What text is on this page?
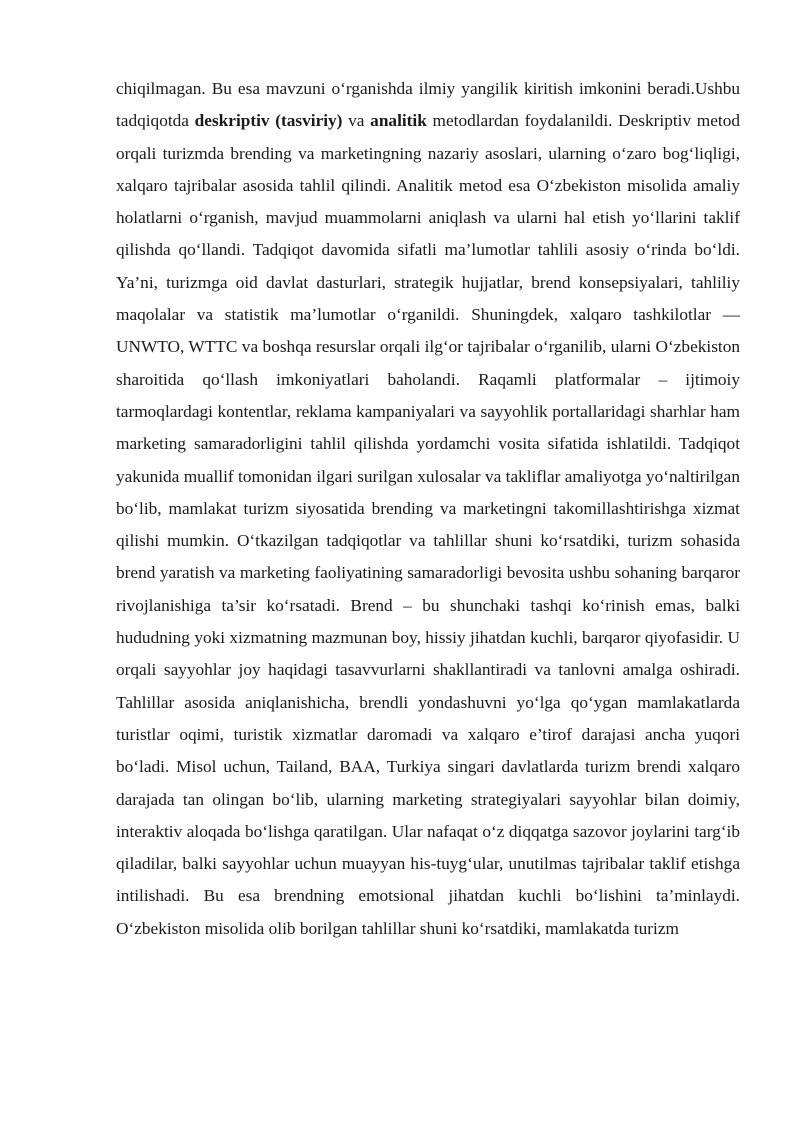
chiqilmagan. Bu esa mavzuni o‘rganishda ilmiy yangilik kiritish imkonini beradi.Ushbu tadqiqotda deskriptiv (tasviriy) va analitik metodlardan foydalanildi. Deskriptiv metod orqali turizmda brending va marketingning nazariy asoslari, ularning o‘zaro bog‘liqligi, xalqaro tajribalar asosida tahlil qilindi. Analitik metod esa O‘zbekiston misolida amaliy holatlarni o‘rganish, mavjud muammolarni aniqlash va ularni hal etish yo‘llarini taklif qilishda qo‘llandi. Tadqiqot davomida sifatli ma’lumotlar tahlili asosiy o‘rinda bo‘ldi. Ya’ni, turizmga oid davlat dasturlari, strategik hujjatlar, brend konsepsiyalari, tahliliy maqolalar va statistik ma’lumotlar o‘rganildi. Shuningdek, xalqaro tashkilotlar — UNWTO, WTTC va boshqa resurslar orqali ilg‘or tajribalar o‘rganilib, ularni O‘zbekiston sharoitida qo‘llash imkoniyatlari baholandi. Raqamli platformalar – ijtimoiy tarmoqlardagi kontentlar, reklama kampaniyalari va sayyohlik portallaridagi sharhlar ham marketing samaradorligini tahlil qilishda yordamchi vosita sifatida ishlatildi. Tadqiqot yakunida muallif tomonidan ilgari surilgan xulosalar va takliflar amaliyotga yo‘naltirilgan bo‘lib, mamlakat turizm siyosatida brending va marketingni takomillashtirishga xizmat qilishi mumkin. O‘tkazilgan tadqiqotlar va tahlillar shuni ko‘rsatdiki, turizm sohasida brend yaratish va marketing faoliyatining samaradorligi bevosita ushbu sohaning barqaror rivojlanishiga ta’sir ko‘rsatadi. Brend – bu shunchaki tashqi ko‘rinish emas, balki hududning yoki xizmatning mazmunan boy, hissiy jihatdan kuchli, barqaror qiyofasidir. U orqali sayyohlar joy haqidagi tasavvurlarni shakllantiradi va tanlovni amalga oshiradi. Tahlillar asosida aniqlanishicha, brendli yondashuvni yo‘lga qo‘ygan mamlakatlarda turistlar oqimi, turistik xizmatlar daromadi va xalqaro e’tirof darajasi ancha yuqori bo‘ladi. Misol uchun, Tailand, BAA, Turkiya singari davlatlarda turizm brendi xalqaro darajada tan olingan bo‘lib, ularning marketing strategiyalari sayyohlar bilan doimiy, interaktiv aloqada bo‘lishga qaratilgan. Ular nafaqat o‘z diqqatga sazovor joylarini targ‘ib qiladilar, balki sayyohlar uchun muayyan his-tuyg‘ular, unutilmas tajribalar taklif etishga intilishadi. Bu esa brendning emotsional jihatdan kuchli bo‘lishini ta’minlaydi. O‘zbekiston misolida olib borilgan tahlillar shuni ko‘rsatdiki, mamlakatda turizm
